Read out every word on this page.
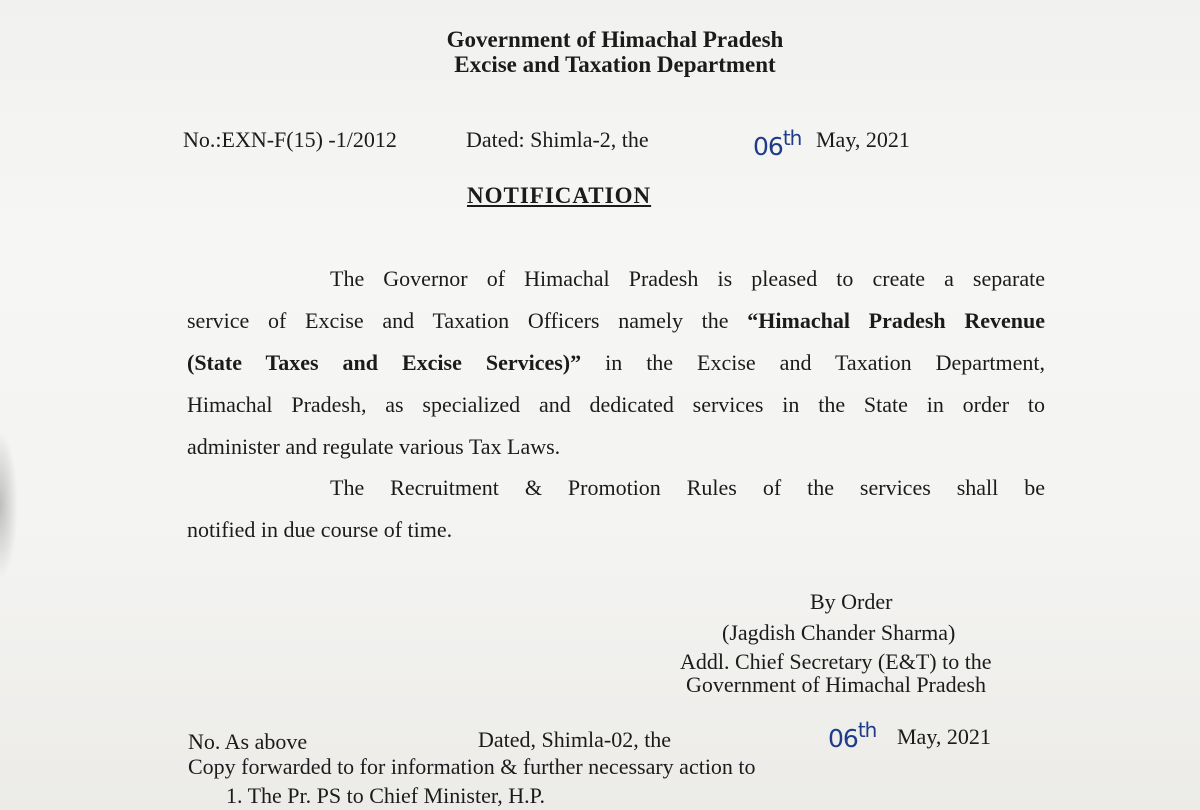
Government of Himachal Pradesh
Excise and Taxation Department
No.:EXN-F(15) -1/2012	Dated: Shimla-2, the	06th May, 2021
NOTIFICATION
The Governor of Himachal Pradesh is pleased to create a separate
service of Excise and Taxation Officers namely the “Himachal Pradesh Revenue
(State Taxes and Excise Services)” in the Excise and Taxation Department,
Himachal Pradesh, as specialized and dedicated services in the State in order to
administer and regulate various Tax Laws.
The Recruitment & Promotion Rules of the services shall be
notified in due course of time.
By Order
(Jagdish Chander Sharma)
Addl. Chief Secretary (E&T) to the
Government of Himachal Pradesh
No. As above	Dated, Shimla-02, the	06th May, 2021
Copy forwarded to for information & further necessary action to
1. The Pr. PS to Chief Minister, H.P.
